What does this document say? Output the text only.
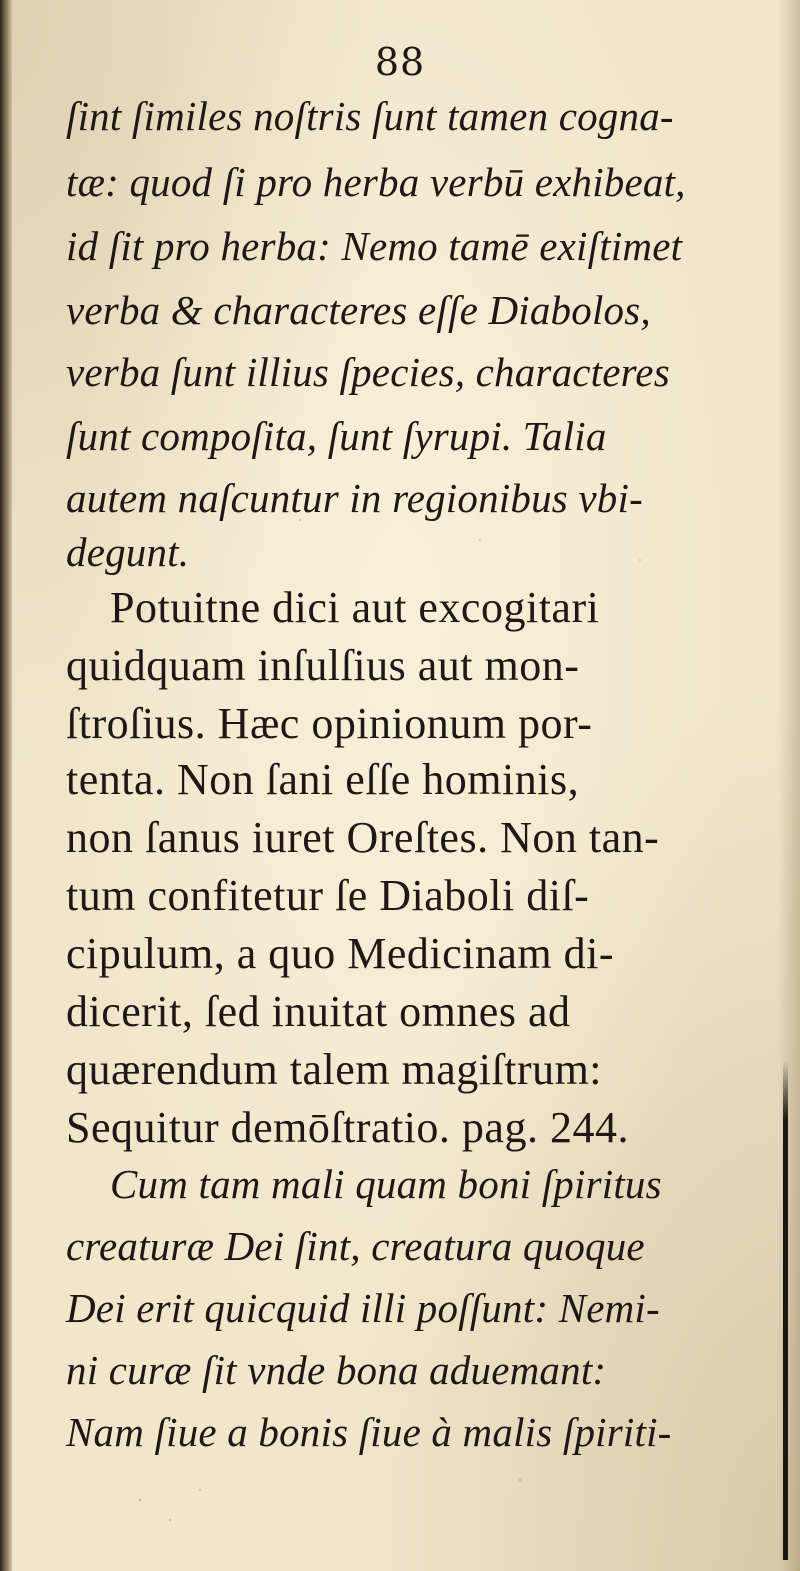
88
ſint ſimiles noſtris ſunt tamen cogna-
tæ: quod ſi pro herba verbū exhibeat,
id ſit pro herba: Nemo tamē exiſtimet
verba & characteres eſſe Diabolos,
verba ſunt illius ſpecies, characteres
ſunt compoſita, ſunt ſyrupi. Talia
autem naſcuntur in regionibus vbi-
degunt.
Potuitne dici aut excogitari
quidquam inſulſius aut mon-
ſtroſius. Hæc opinionum por-
tenta. Non ſani eſſe hominis,
non ſanus iuret Oreſtes. Non tan-
tum confitetur ſe Diaboli diſ-
cipulum, a quo Medicinam di-
dicerit, ſed inuitat omnes ad
quærendum talem magiſtrum:
Sequitur demōſtratio. pag. 244.
Cum tam mali quam boni ſpiritus
creaturæ Dei ſint, creatura quoque
Dei erit quicquid illi poſſunt: Nemi-
ni curæ ſit vnde bona aduemant:
Nam ſiue a bonis ſiue à malis ſpiriti-
